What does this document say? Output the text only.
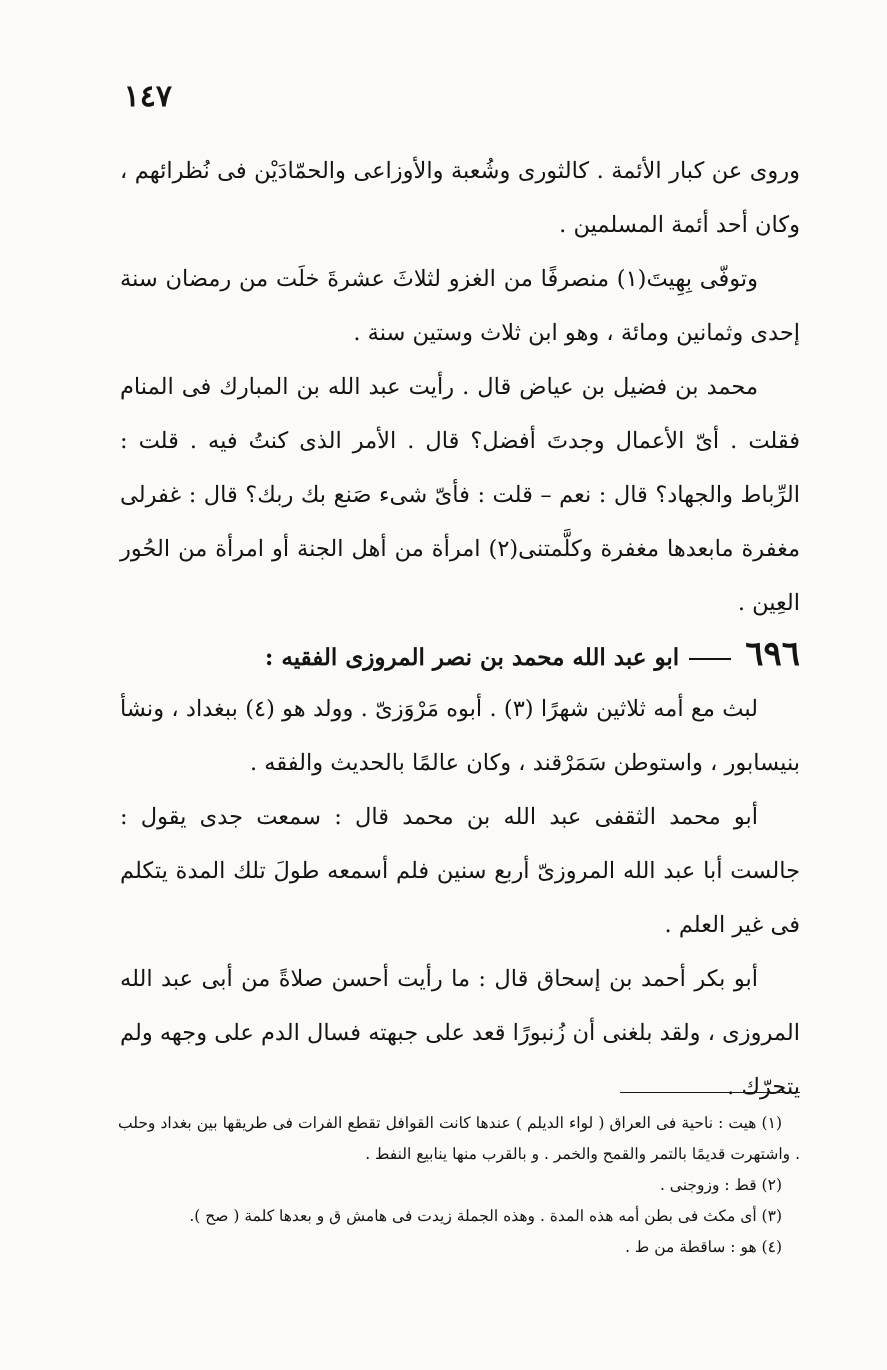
١٤٧

وروى عن كبار الأئمة . كالثورى وشُعبة والأوزاعى والحمّادَيْن فى نُظرائهم ، وكان أحد أئمة المسلمين .

وتوفّى بِهِيتَ(١) منصرفًا من الغزو لثلاثَ عشرةَ خلَت من رمضان سنة إحدى وثمانين ومائة ، وهو ابن ثلاث وستين سنة .

محمد بن فضيل بن عياض قال . رأيت عبد الله بن المبارك فى المنام فقلت . أىّ الأعمال وجدتَ أفضل؟ قال . الأمر الذى كنتُ فيه . قلت : الرِّباط والجهاد؟ قال : نعم – قلت : فأىّ شىء صَنع بك ربك؟ قال : غفرلى مغفرة مابعدها مغفرة وكلَّمتنى(٢) امرأة من أهل الجنة أو امرأة من الحُور العِين .

٦٩٦ابو عبد الله محمد بن نصر المروزى الفقيه :

لبث مع أمه ثلاثين شهرًا (٣) . أبوه مَرْوَزىّ . وولد هو (٤) ببغداد ، ونشأ بنيسابور ، واستوطن سَمَرْقند ، وكان عالمًا بالحديث والفقه .

أبو محمد الثقفى عبد الله بن محمد قال : سمعت جدى يقول : جالست أبا عبد الله المروزىّ أربع سنين فلم أسمعه طولَ تلك المدة يتكلم فى غير العلم .

أبو بكر أحمد بن إسحاق قال : ما رأيت أحسن صلاةً من أبى عبد الله المروزى ، ولقد بلغنى أن زُنبورًا قعد على جبهته فسال الدم على وجهه ولم يتحرّك .

(١) هيت : ناحية فى العراق ( لواء الديلم ) عندها كانت القوافل تقطع الفرات فى طريقها بين بغداد وحلب . واشتهرت قديمًا بالتمر والقمح والخمر . و بالقرب منها ينابيع النفط .

(٢) قط : وزوجنى .

(٣) أى مكث فى بطن أمه هذه المدة . وهذه الجملة زيدت فى هامش ق و بعدها كلمة ( صح ).

(٤) هو : ساقطة من ط .
